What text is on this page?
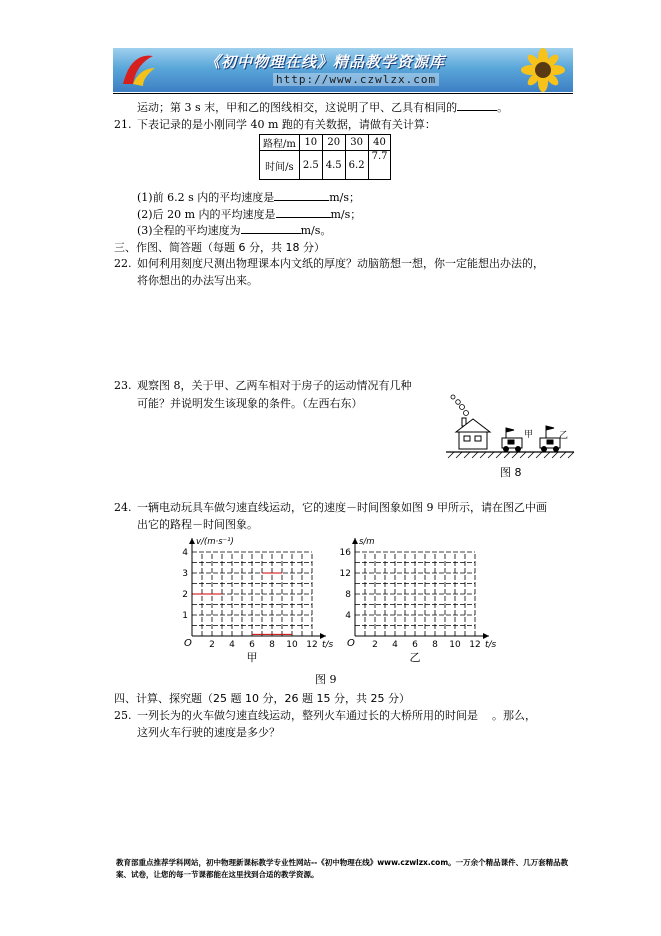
《初中物理在线》精品教学资源库
http://www.czwlzx.com
运动；第 3 s 末，甲和乙的图线相交，这说明了甲、乙具有相同的	。
21. 下表记录的是小刚同学 40 m 跑的有关数据，请做有关计算：
路程/m	10	20	30	40
时间/s	2.5	4.5	6.2	7.7
(1)前 6.2 s 内的平均速度是	m/s；
(2)后 20 m 内的平均速度是	m/s；
(3)全程的平均速度为	m/s。
三、作图、简答题（每题 6 分，共 18 分）
22. 如何利用刻度尺测出物理课本内文纸的厚度？动脑筋想一想，你一定能想出办法的，
将你想出的办法写出来。
23. 观察图 8，关于甲、乙两车相对于房子的运动情况有几种
可能？并说明发生该现象的条件。（左西右东）
甲	乙
图 8
24. 一辆电动玩具车做匀速直线运动，它的速度－时间图象如图 9 甲所示，请在图乙中画
出它的路程－时间图象。
2 4 6 8 10 12
1
2
3
4
O
v/(m·s⁻¹)
t/s
甲
2 4 6 8 10 12
4
8
12
16
O
s/m
t/s
乙
图 9
四、计算、探究题（25 题 10 分，26 题 15 分，共 25 分）
25. 一列长为的火车做匀速直线运动，整列火车通过长的大桥所用的时间是 。那么，
这列火车行驶的速度是多少？
教育部重点推荐学科网站，初中物理新课标教学专业性网站--《初中物理在线》www.czwlzx.com。一万余个精品课件、几万套精品教案、试卷，让您的每一节课都能在这里找到合适的教学资源。
